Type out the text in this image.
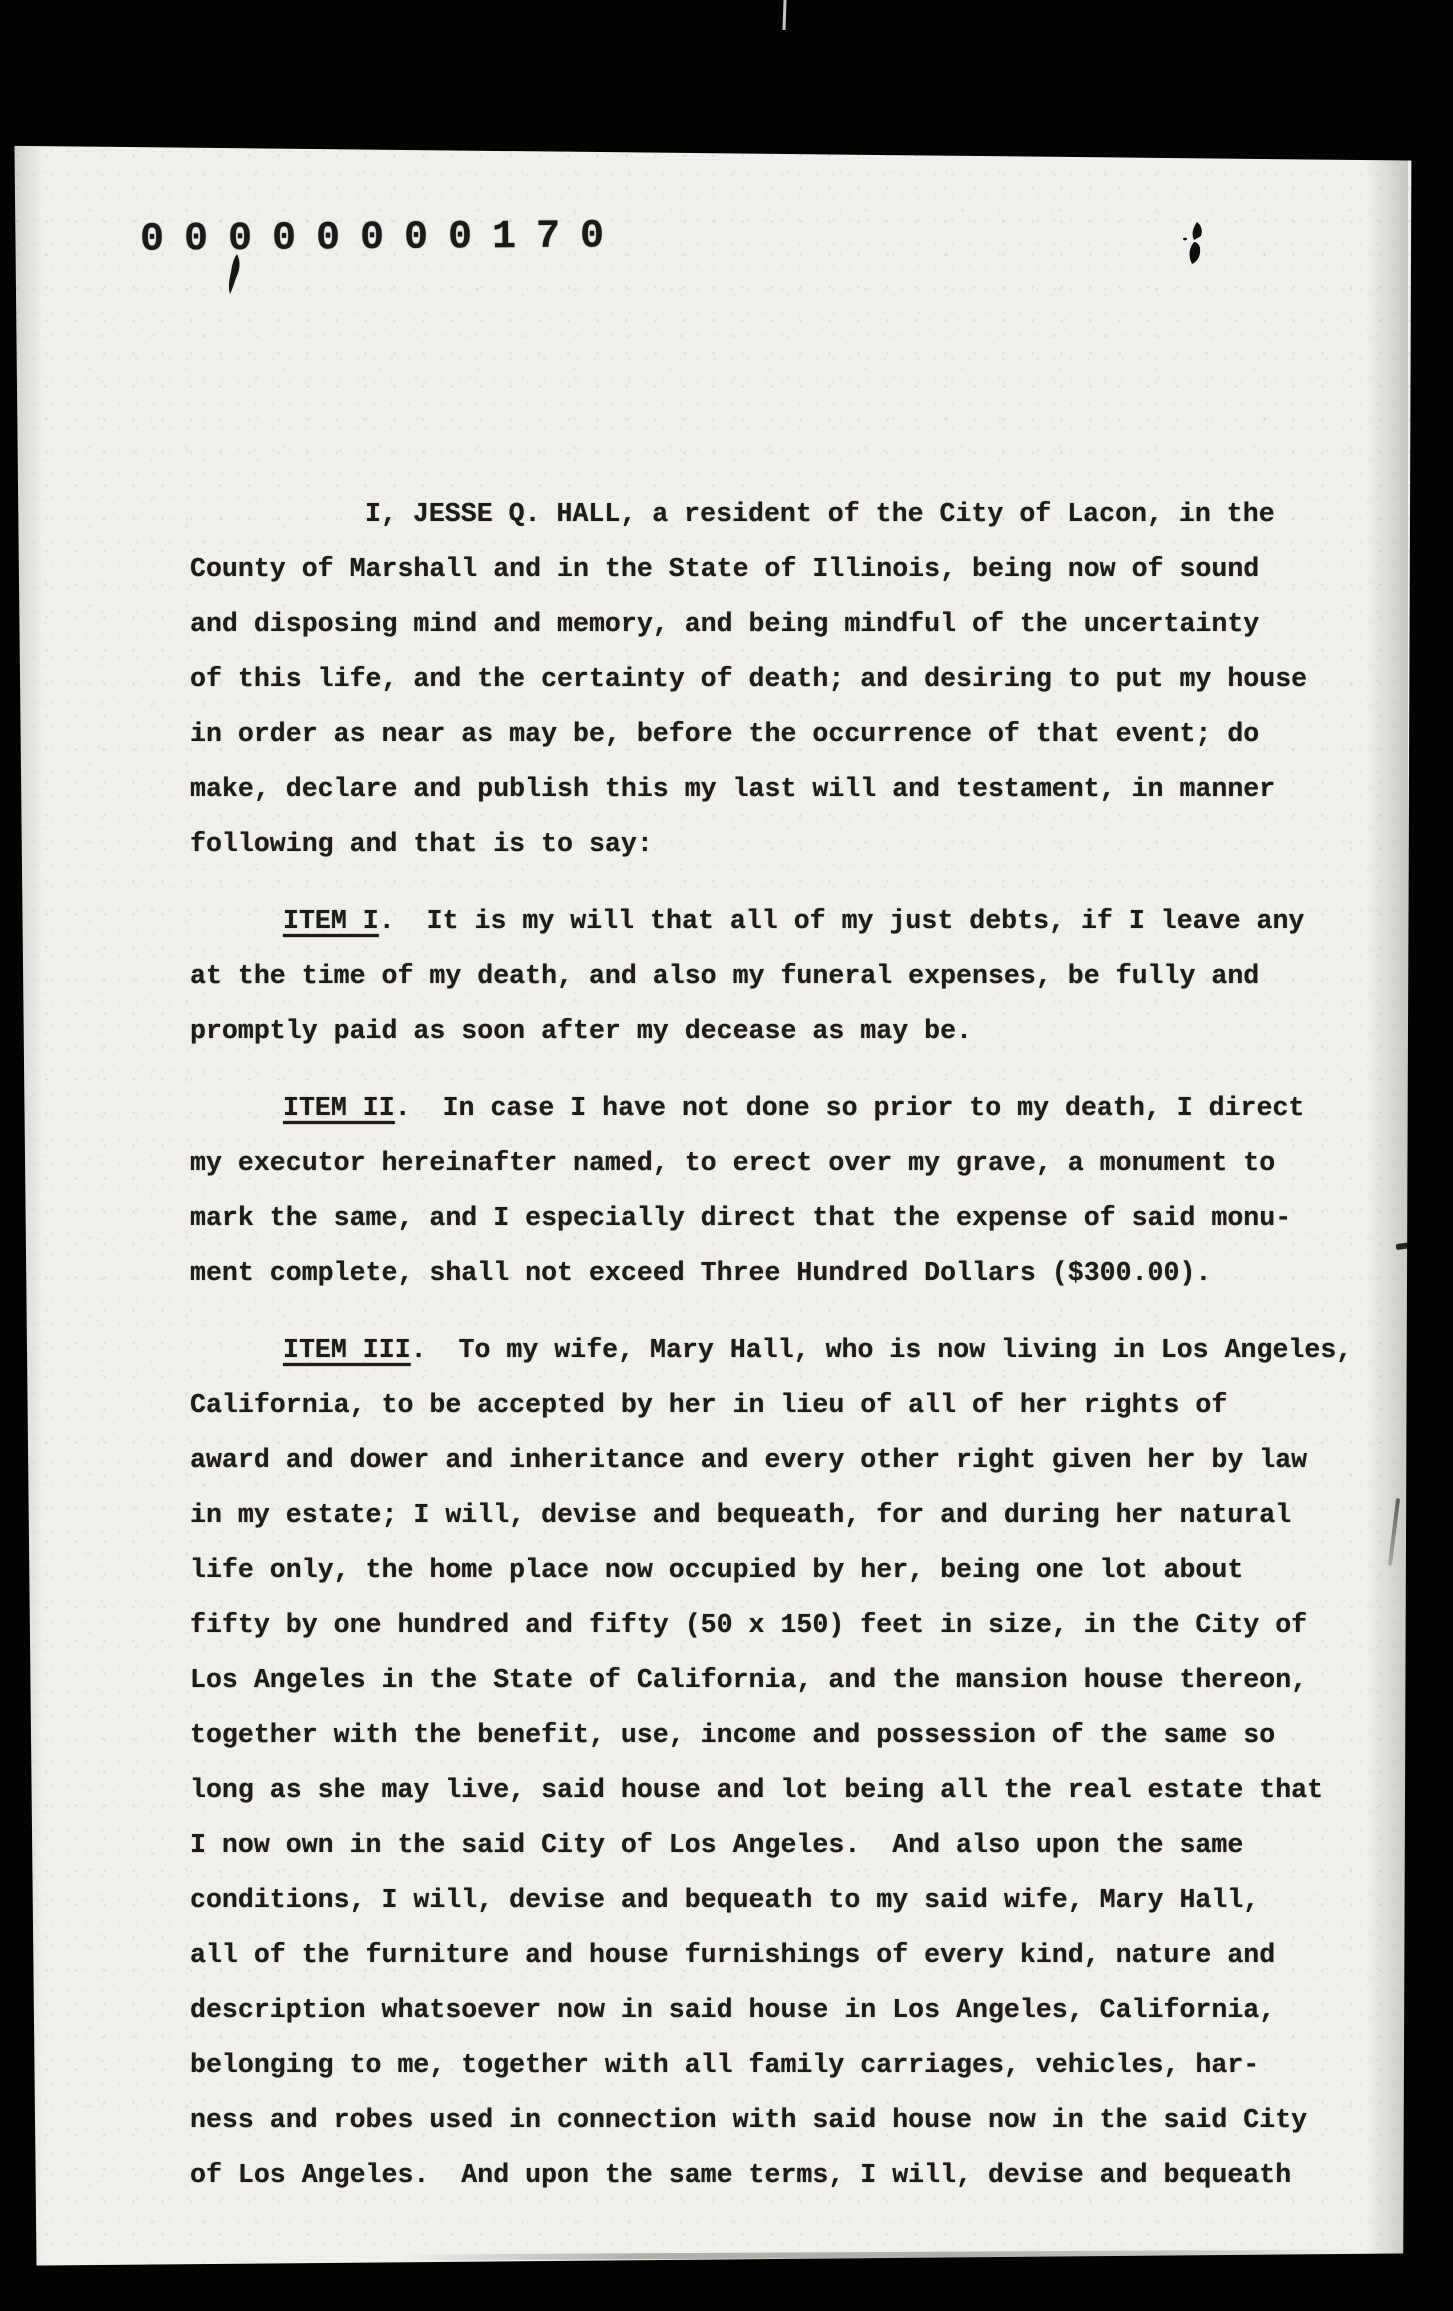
00000000170
I, JESSE Q. HALL, a resident of the City of Lacon, in the
County of Marshall and in the State of Illinois, being now of sound
and disposing mind and memory, and being mindful of the uncertainty
of this life, and the certainty of death; and desiring to put my house
in order as near as may be, before the occurrence of that event; do
make, declare and publish this my last will and testament, in manner
following and that is to say:
ITEM I. It is my will that all of my just debts, if I leave any
at the time of my death, and also my funeral expenses, be fully and
promptly paid as soon after my decease as may be.
ITEM II. In case I have not done so prior to my death, I direct
my executor hereinafter named, to erect over my grave, a monument to
mark the same, and I especially direct that the expense of said monu-
ment complete, shall not exceed Three Hundred Dollars ($300.00).
ITEM III. To my wife, Mary Hall, who is now living in Los Angeles,
California, to be accepted by her in lieu of all of her rights of
award and dower and inheritance and every other right given her by law
in my estate; I will, devise and bequeath, for and during her natural
life only, the home place now occupied by her, being one lot about
fifty by one hundred and fifty (50 x 150) feet in size, in the City of
Los Angeles in the State of California, and the mansion house thereon,
together with the benefit, use, income and possession of the same so
long as she may live, said house and lot being all the real estate that
I now own in the said City of Los Angeles.  And also upon the same
conditions, I will, devise and bequeath to my said wife, Mary Hall,
all of the furniture and house furnishings of every kind, nature and
description whatsoever now in said house in Los Angeles, California,
belonging to me, together with all family carriages, vehicles, har-
ness and robes used in connection with said house now in the said City
of Los Angeles.  And upon the same terms, I will, devise and bequeath
